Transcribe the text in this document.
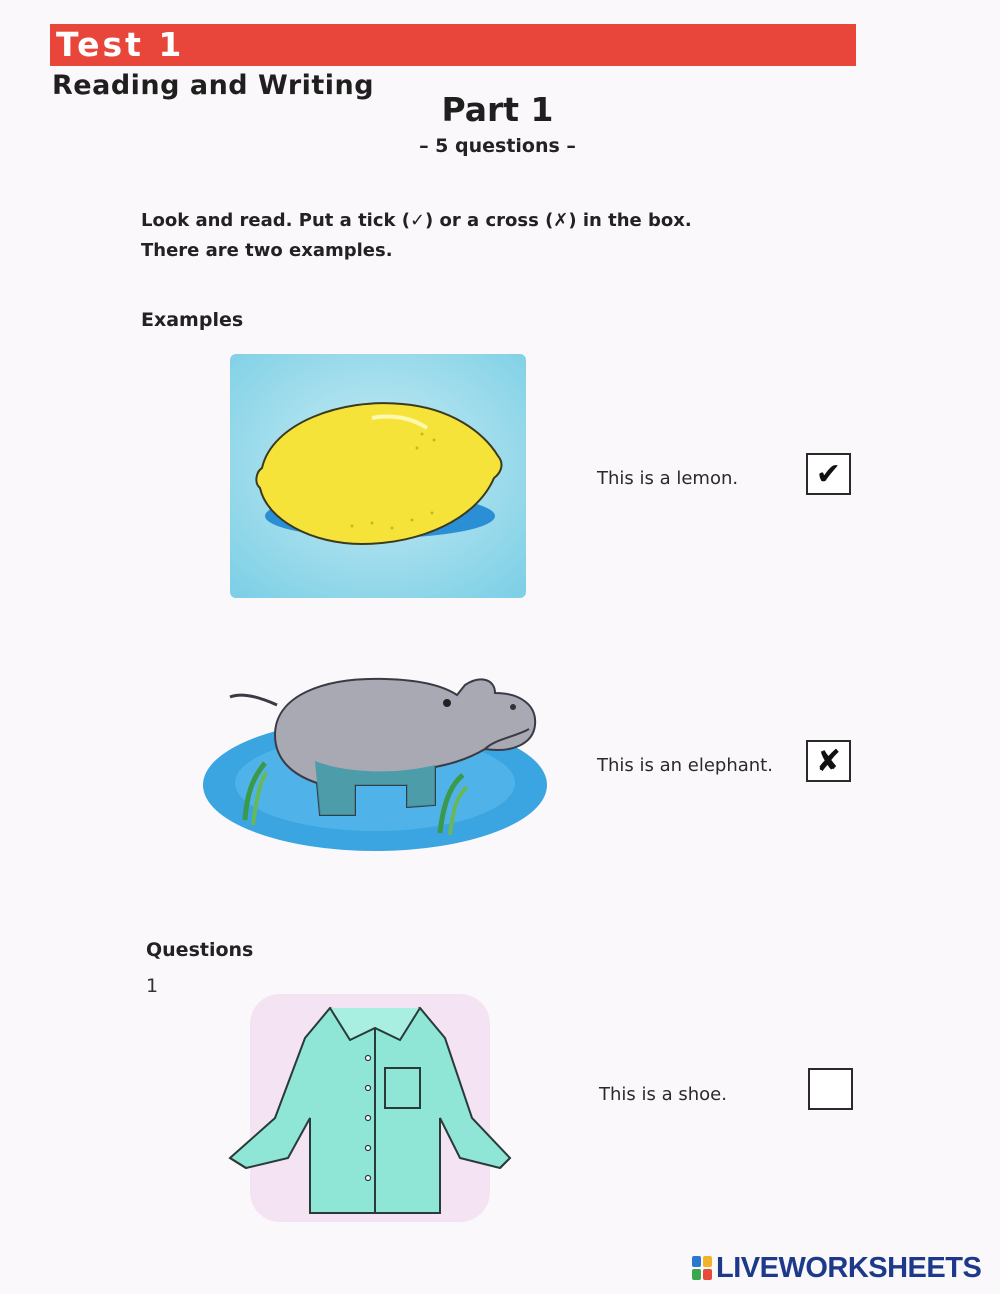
Test 1
Reading and Writing
Part 1
– 5 questions –
Look and read. Put a tick (✓) or a cross (✗) in the box.
There are two examples.
Examples
This is a lemon.	✔
This is an elephant.	✘
Questions
1
This is a shoe.
LIVEWORKSHEETS
